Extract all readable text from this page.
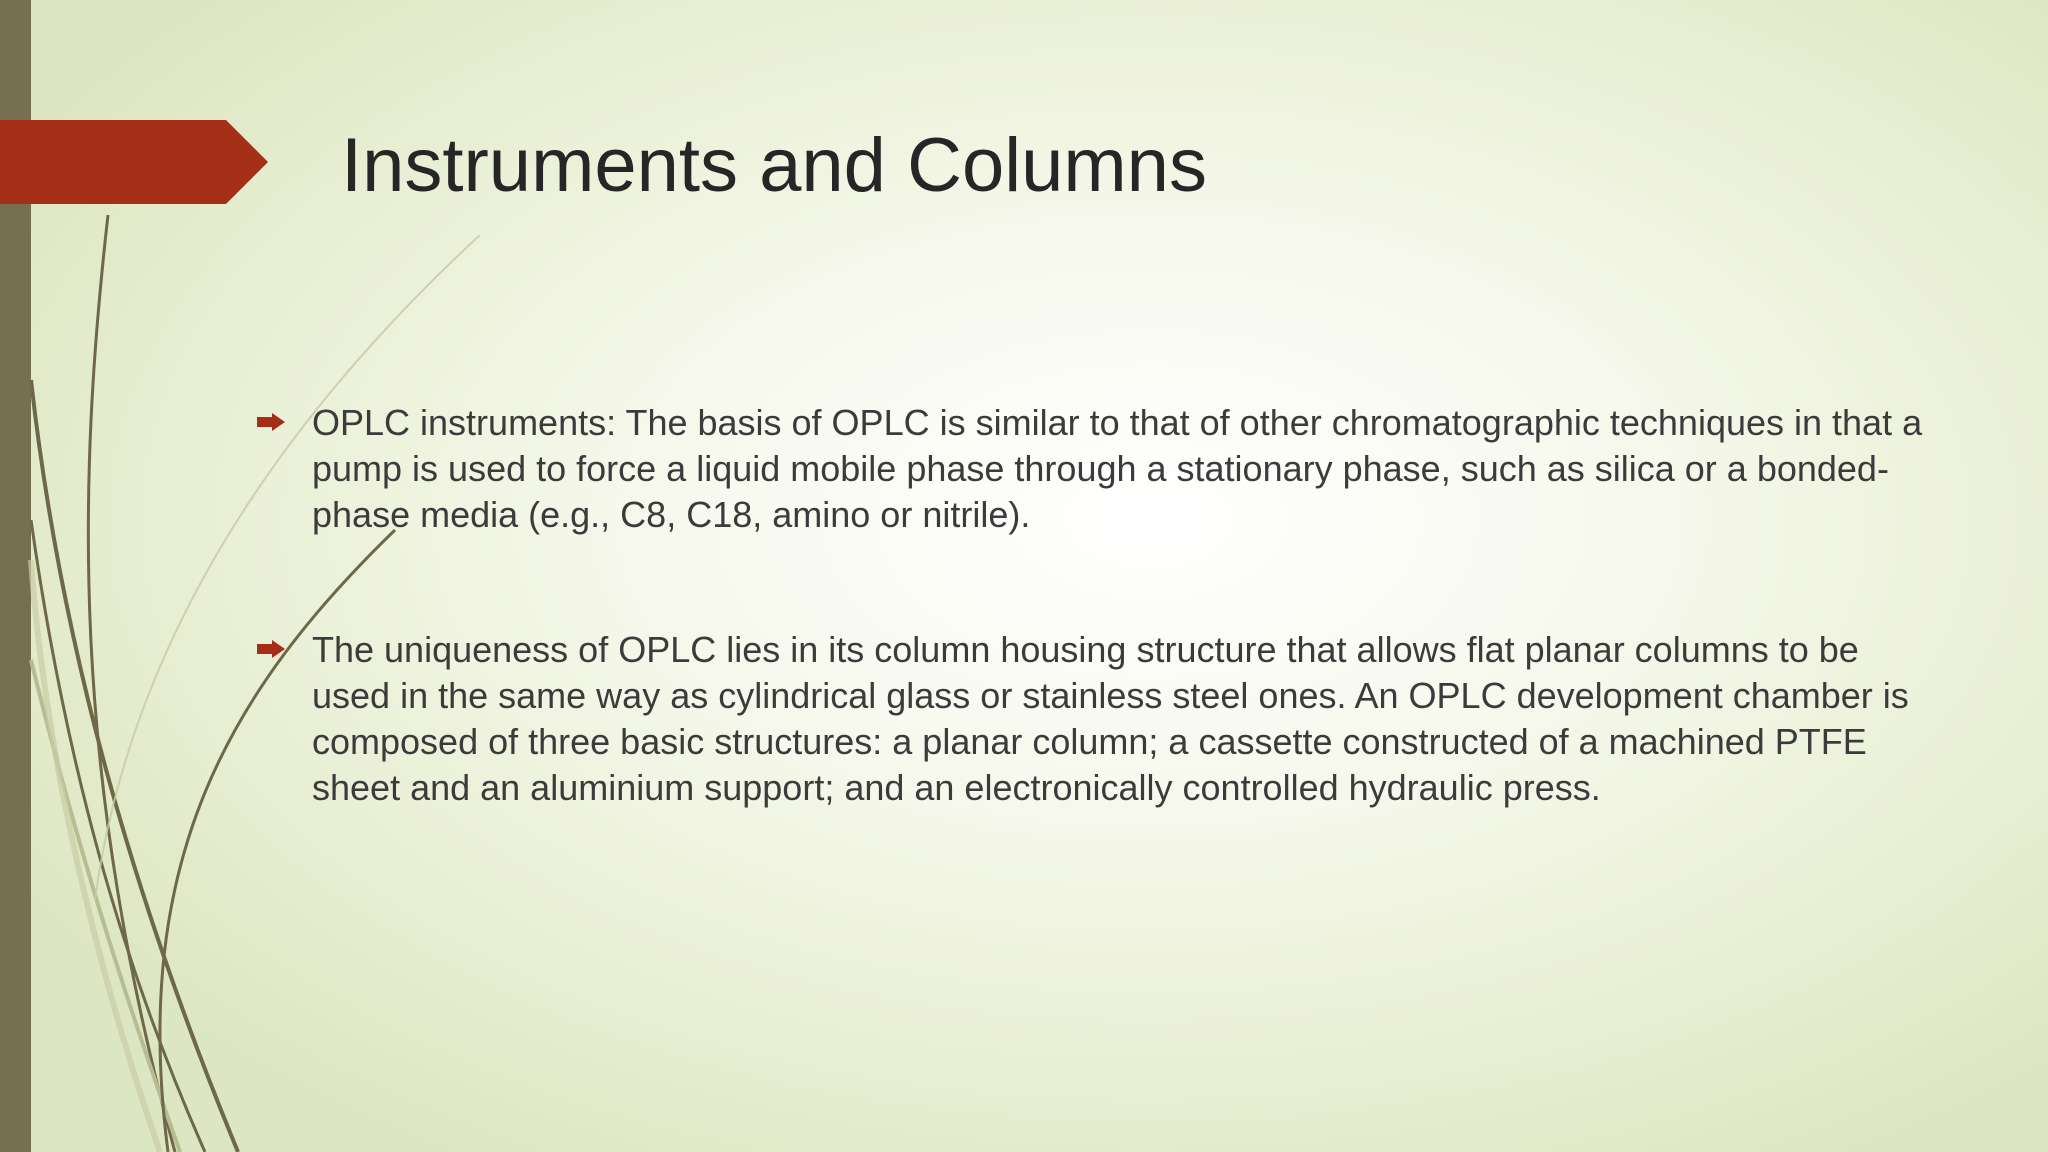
Instruments and Columns
OPLC instruments: The basis of OPLC is similar to that of other chromatographic techniques in that a pump is used to force a liquid mobile phase through a stationary phase, such as silica or a bonded-phase media (e.g., C8, C18, amino or nitrile).
The uniqueness of OPLC lies in its column housing structure that allows flat planar columns to be used in the same way as cylindrical glass or stainless steel ones. An OPLC development chamber is composed of three basic structures: a planar column; a cassette constructed of a machined PTFE sheet and an aluminium support; and an electronically controlled hydraulic press.
